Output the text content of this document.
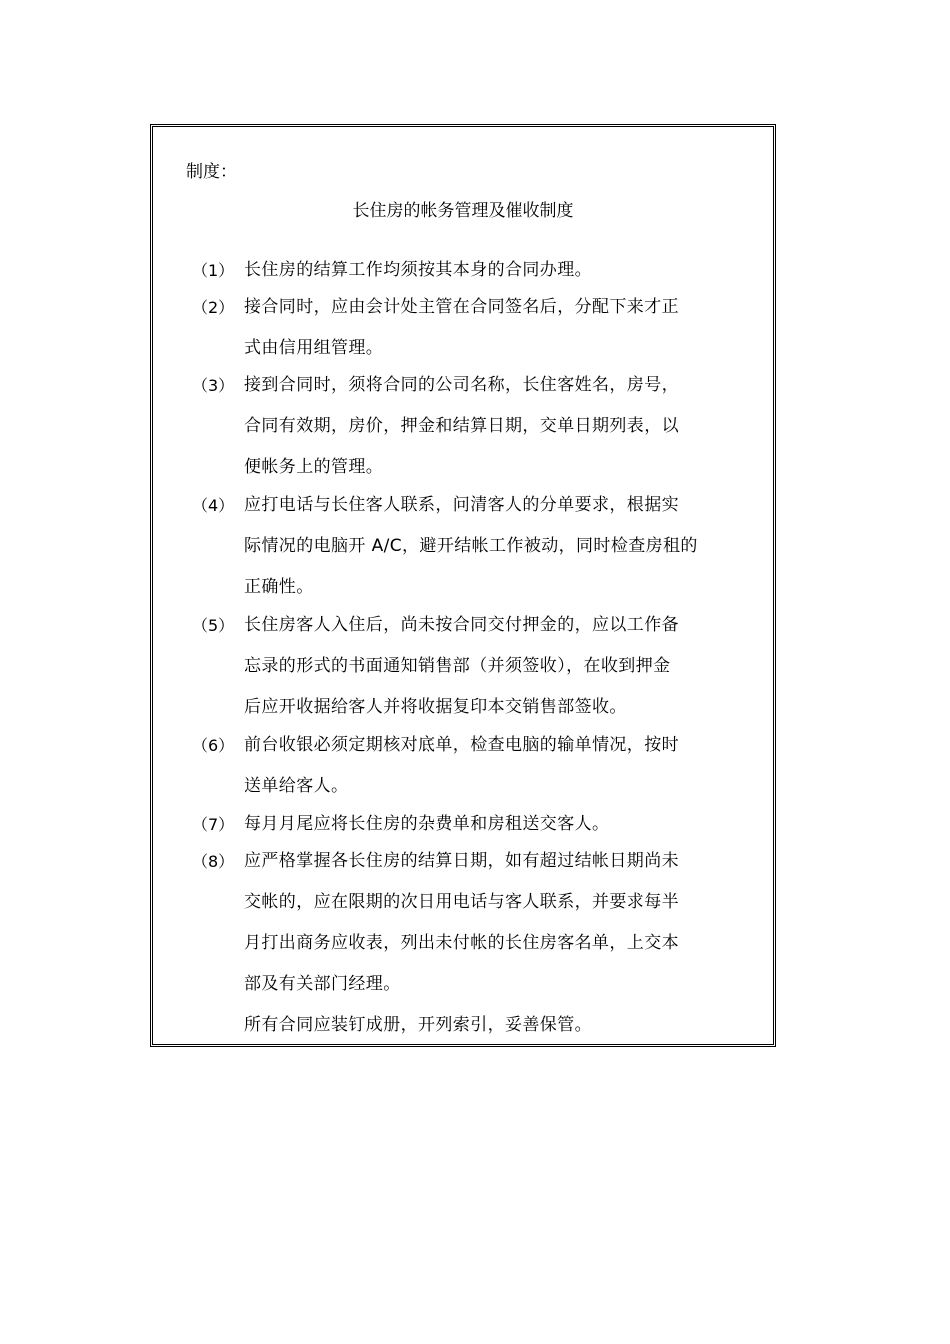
制度：
长住房的帐务管理及催收制度
（1） 长住房的结算工作均须按其本身的合同办理。
（2） 接合同时，应由会计处主管在合同签名后，分配下来才正
式由信用组管理。
（3） 接到合同时，须将合同的公司名称，长住客姓名，房号，
合同有效期，房价，押金和结算日期，交单日期列表，以
便帐务上的管理。
（4） 应打电话与长住客人联系，问清客人的分单要求，根据实
际情况的电脑开 A/C，避开结帐工作被动，同时检查房租的
正确性。
（5） 长住房客人入住后，尚未按合同交付押金的，应以工作备
忘录的形式的书面通知销售部（并须签收），在收到押金
后应开收据给客人并将收据复印本交销售部签收。
（6） 前台收银必须定期核对底单，检查电脑的输单情况，按时
送单给客人。
（7） 每月月尾应将长住房的杂费单和房租送交客人。
（8） 应严格掌握各长住房的结算日期，如有超过结帐日期尚未
交帐的，应在限期的次日用电话与客人联系，并要求每半
月打出商务应收表，列出未付帐的长住房客名单，上交本
部及有关部门经理。
所有合同应装钉成册，开列索引，妥善保管。
